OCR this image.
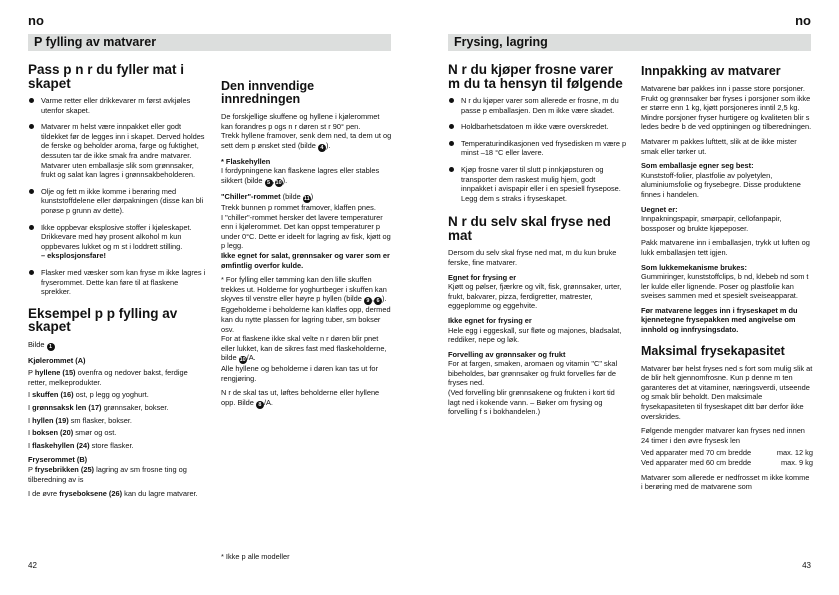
no	no
P fylling av matvarer	Frysing, lagring
Pass p n r du fyller mat i skapet
Varme retter eller drikkevarer m først avkjøles utenfor skapet.
Matvarer m helst være innpakket eller godt tildekket før de legges inn i skapet. Derved holdes de ferske og beholder aroma, farge og fuktighet, dessuten tar de ikke smak fra andre matvarer. Matvarer uten emballasje slik som grønnsaker, frukt og salat kan lagres i grønnsakbeholderen.
Olje og fett m ikke komme i berøring med kunststoffdelene eller dørpakningen (disse kan bli porøse p grunn av dette).
Ikke oppbevar eksplosive stoffer i kjøleskapet. Drikkevare med høy prosent alkohol m kun oppbevares lukket og m st i loddrett stilling.
– eksplosjonsfare!
Flasker med væsker som kan fryse m ikke lagres i fryserommet. Dette kan føre til at flaskene sprekker.
Eksempel p p fylling av skapet

Bilde 1

Kjølerommet (A)

P hyllene (15) ovenfra og nedover bakst, ferdige retter, melkeprodukter.

I skuffen (16) ost, p legg og yoghurt.

I grønnsaksk len (17) grønnsaker, bokser.

I hyllen (19) sm flasker, bokser.

I boksen (20) smør og ost.

I flaskehyllen (24) store flasker.

Fryserommet (B)

P frysebrikken (25) lagring av sm frosne ting og tilberedning av is

I de øvre fryseboksene (26) kan du lagre matvarer.

Den innvendige innredningen

De forskjellige skuffene og hyllene i kjølerommet kan forandres p ogs n r døren st r 90° pen.

Trekk hyllene framover, senk dem ned, ta dem ut og sett dem p ønsket sted (bilde 4 ).

* Flaskehyllen

I fordypningene kan flaskene lagres eller stables sikkert (bilde 5 ,10).

"Chiller"-rommet (bilde 11)

Trekk bunnen p rommet framover, klaffen pnes.

I "chiller"-rommet hersker det lavere temperaturer enn i kjølerommet. Det kan oppst temperaturer p under 0°C. Dette er ideelt for lagring av fisk, kjøtt og p legg.

Ikke egnet for salat, grønnsaker og varer som er ømfintlig overfor kulde.

* For fylling eller tømming kan den lille skuffen trekkes ut. Holderne for yoghurtbeger i skuffen kan skyves til venstre eller høyre p hyllen (bilde 9 , 6 ).

Eggeholderne i beholderne kan klaffes opp, dermed kan du nytte plassen for lagring tuber, sm bokser osv.

For at flaskene ikke skal velte n r døren blir pnet eller lukket, kan de sikres fast med flaskeholderne, bilde 10/A.

Alle hyllene og beholderne i døren kan tas ut for rengjøring.

N r de skal tas ut, løftes beholderne eller hyllene opp. Bilde 8 /A.

* Ikke p alle modeller
42
N r du kjøper frosne varer m du ta hensyn til følgende
N r du kjøper varer som allerede er frosne, m du passe p emballasjen. Den m ikke være skadet.
Holdbarhetsdatoen m ikke være overskredet.
Temperaturindikasjonen ved frysedisken m være p minst –18 °C eller lavere.
Kjøp frosne varer til slutt p innkjøpsturen og transporter dem raskest mulig hjem, godt innpakket i avispapir eller i en spesiell frysepose. Legg dem s straks i fryseskapet.
N r du selv skal fryse ned mat

Dersom du selv skal fryse ned mat, m du kun bruke ferske, fine matvarer.

Egnet for frysing er

Kjøtt og pølser, fjærkre og vilt, fisk, grønnsaker, urter, frukt, bakvarer, pizza, ferdigretter, matrester, eggeplomme og eggehvite.

Ikke egnet for frysing er

Hele egg i eggeskall, sur fløte og majones, bladsalat, reddiker, nepe og løk.

Forvelling av grønnsaker og frukt

For at fargen, smaken, aromaen og vitamin "C" skal bibeholdes, bør grønnsaker og frukt forvelles før de fryses ned.

(Ved forvelling blir grønnsakene og frukten i kort tid lagt ned i kokende vann. – Bøker om frysing og forvelling f s i bokhandelen.)

Innpakking av matvarer

Matvarene bør pakkes inn i passe store porsjoner.

Frukt og grønnsaker bør fryses i porsjoner som ikke er større enn 1 kg, kjøtt porsjoneres inntil 2,5 kg. Mindre porsjoner fryser hurtigere og kvaliteten blir s ledes bedre b de ved opptiningen og tilberedningen.

Matvarer m pakkes lufttett, slik at de ikke mister smak eller tørker ut.

Som emballasje egner seg best:

Kunststoff-folier, plastfolie av polyetylen, aluminiumsfolie og frysebegre. Disse produktene finnes i handelen.

Uegnet er:

Innpakningspapir, smørpapir, cellofanpapir, bossposer og brukte kjøpeposer.

Pakk matvarene inn i emballasjen, trykk ut luften og lukk emballasjen tett igjen.

Som lukkemekanisme brukes:

Gummiringer, kunststoffclips, b nd, klebeb nd som t ler kulde eller lignende. Poser og plastfolie kan sveises sammen med et spesielt sveiseapparat.

Før matvarene legges inn i fryseskapet m du kjennetegne frysepakken med angivelse om innhold og innfrysingsdato.

Maksimal frysekapasitet

Matvarer bør helst fryses ned s fort som mulig slik at de blir helt gjennomfrosne. Kun p denne m ten garanteres det at vitaminer, næringsverdi, utseende og smak blir beholdt. Den maksimale frysekapasiteten til fryseskapet ditt bør derfor ikke overskrides.

Følgende mengder matvarer kan fryses ned innen 24 timer i den øvre frysesk len

Ved apparater med 70 cm bredde	max. 12 kg
Ved apparater med 60 cm bredde	max. 9 kg

Matvarer som allerede er nedfrosset m ikke komme i berøring med de matvarene som

43
